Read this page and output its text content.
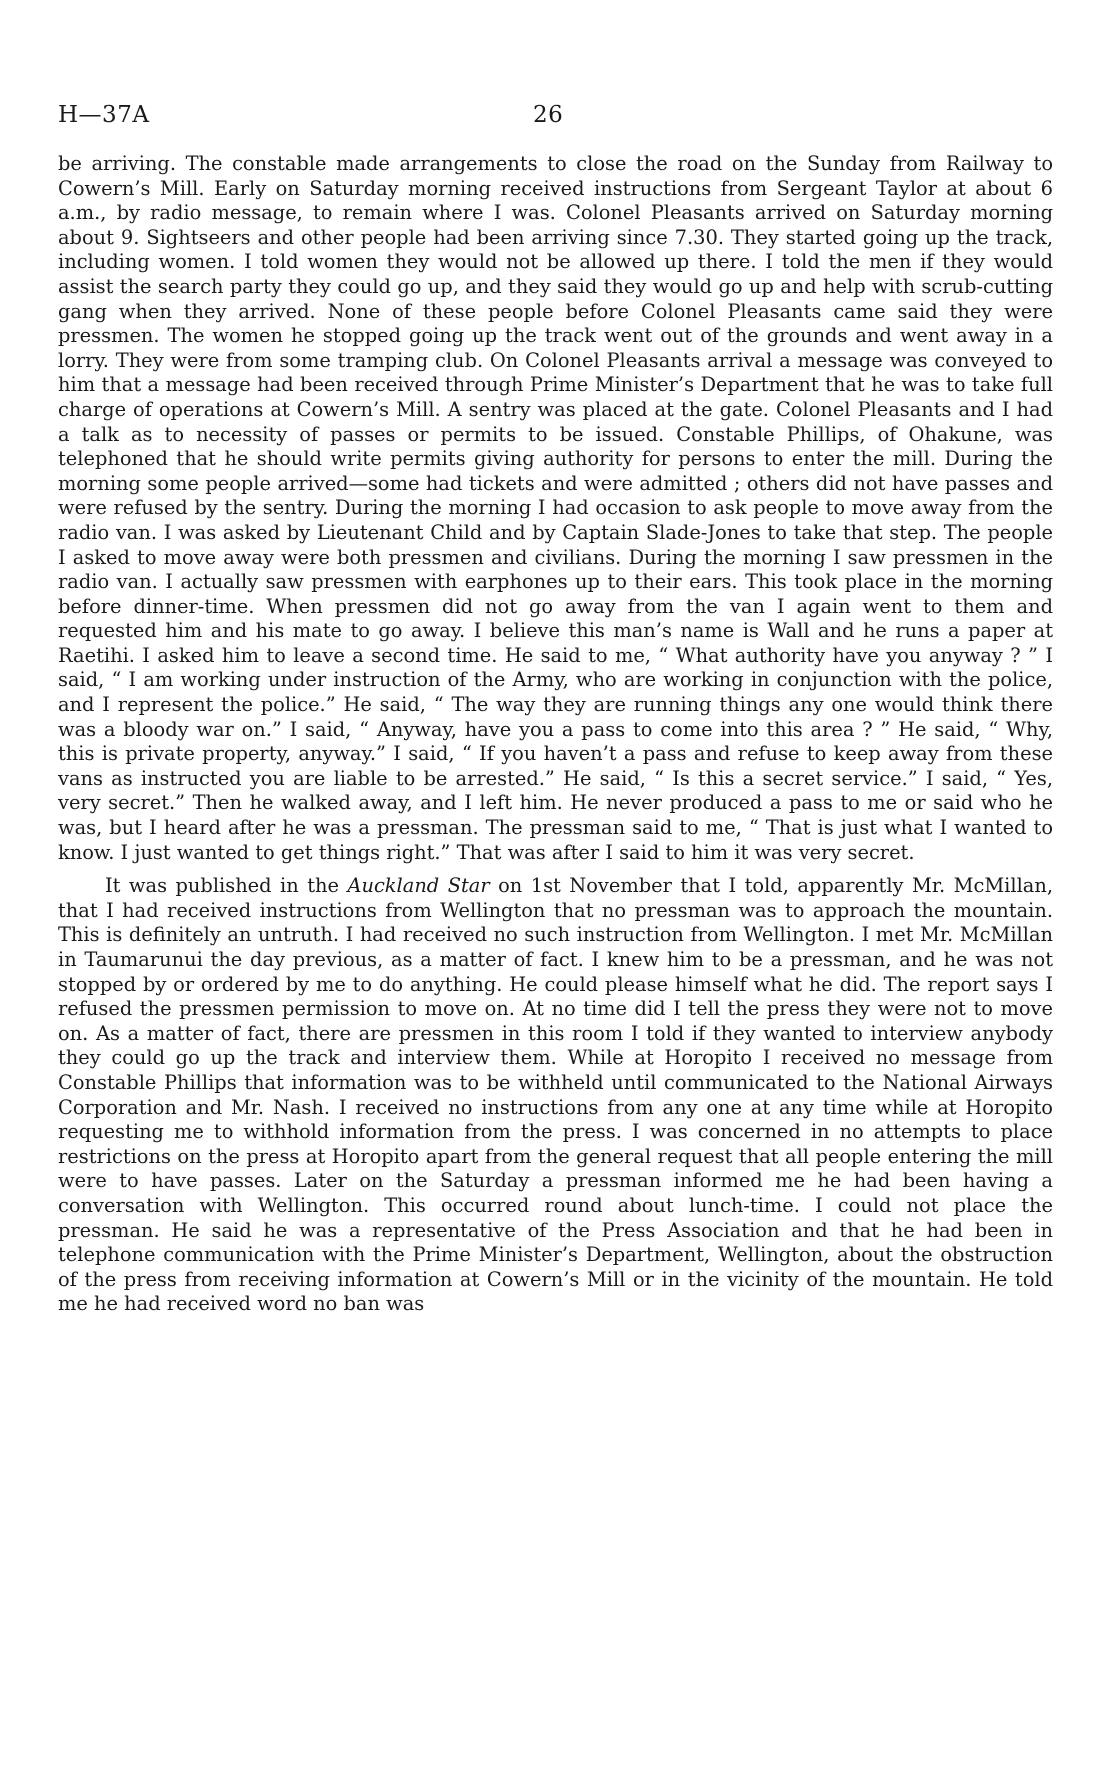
H—37A	26

be arriving. The constable made arrangements to close the road on the Sunday from Railway to Cowern’s Mill. Early on Saturday morning received instructions from Sergeant Taylor at about 6 a.m., by radio message, to remain where I was. Colonel Pleasants arrived on Saturday morning about 9. Sightseers and other people had been arriving since 7.30. They started going up the track, including women. I told women they would not be allowed up there. I told the men if they would assist the search party they could go up, and they said they would go up and help with scrub-cutting gang when they arrived. None of these people before Colonel Pleasants came said they were pressmen. The women he stopped going up the track went out of the grounds and went away in a lorry. They were from some tramping club. On Colonel Pleasants arrival a message was conveyed to him that a message had been received through Prime Minister’s Department that he was to take full charge of operations at Cowern’s Mill. A sentry was placed at the gate. Colonel Pleasants and I had a talk as to necessity of passes or permits to be issued. Constable Phillips, of Ohakune, was telephoned that he should write permits giving authority for persons to enter the mill. During the morning some people arrived—some had tickets and were admitted ; others did not have passes and were refused by the sentry. During the morning I had occasion to ask people to move away from the radio van. I was asked by Lieutenant Child and by Captain Slade-Jones to take that step. The people I asked to move away were both pressmen and civilians. During the morning I saw pressmen in the radio van. I actually saw pressmen with earphones up to their ears. This took place in the morning before dinner-time. When pressmen did not go away from the van I again went to them and requested him and his mate to go away. I believe this man’s name is Wall and he runs a paper at Raetihi. I asked him to leave a second time. He said to me, “ What authority have you anyway ? ” I said, “ I am working under instruction of the Army, who are working in conjunction with the police, and I represent the police.” He said, “ The way they are running things any one would think there was a bloody war on.” I said, “ Anyway, have you a pass to come into this area ? ” He said, “ Why, this is private property, anyway.” I said, “ If you haven’t a pass and refuse to keep away from these vans as instructed you are liable to be arrested.” He said, “ Is this a secret service.” I said, “ Yes, very secret.” Then he walked away, and I left him. He never produced a pass to me or said who he was, but I heard after he was a pressman. The pressman said to me, “ That is just what I wanted to know. I just wanted to get things right.” That was after I said to him it was very secret.

It was published in the Auckland Star on 1st November that I told, apparently Mr. McMillan, that I had received instructions from Wellington that no pressman was to approach the mountain. This is definitely an untruth. I had received no such instruction from Wellington. I met Mr. McMillan in Taumarunui the day previous, as a matter of fact. I knew him to be a pressman, and he was not stopped by or ordered by me to do anything. He could please himself what he did. The report says I refused the pressmen permission to move on. At no time did I tell the press they were not to move on. As a matter of fact, there are pressmen in this room I told if they wanted to interview anybody they could go up the track and interview them. While at Horopito I received no message from Constable Phillips that information was to be withheld until communicated to the National Airways Corporation and Mr. Nash. I received no instructions from any one at any time while at Horopito requesting me to withhold information from the press. I was concerned in no attempts to place restrictions on the press at Horopito apart from the general request that all people entering the mill were to have passes. Later on the Saturday a pressman informed me he had been having a conversation with Wellington. This occurred round about lunch-time. I could not place the pressman. He said he was a representative of the Press Association and that he had been in telephone communication with the Prime Minister’s Department, Wellington, about the obstruction of the press from receiving information at Cowern’s Mill or in the vicinity of the mountain. He told me he had received word no ban was
